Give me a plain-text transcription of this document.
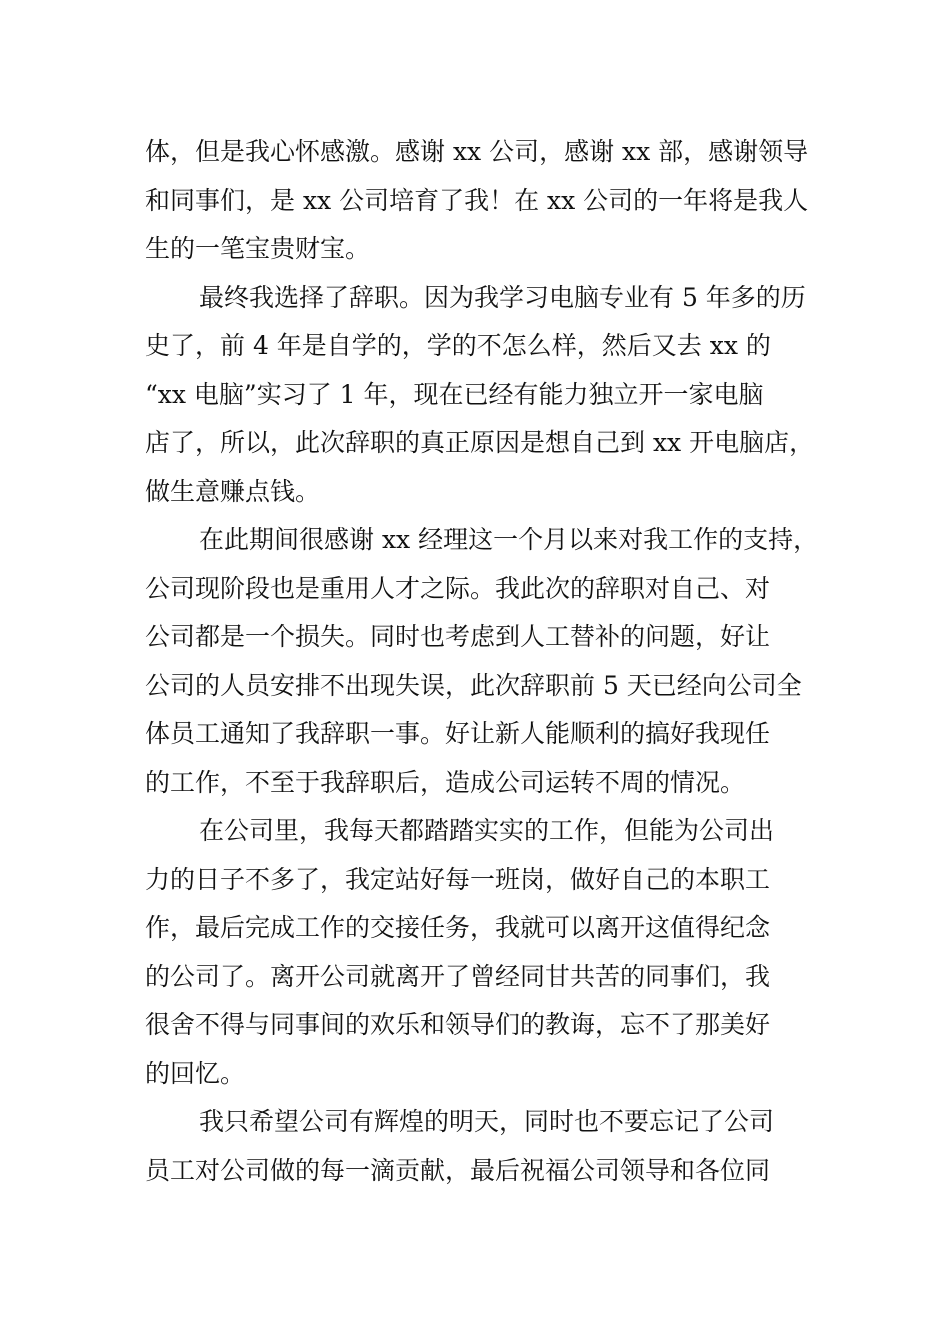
体，但是我心怀感激。感谢 xx 公司，感谢 xx 部，感谢领导
和同事们，是 xx 公司培育了我！在 xx 公司的一年将是我人
生的一笔宝贵财宝。
最终我选择了辞职。因为我学习电脑专业有 5 年多的历
史了，前 4 年是自学的，学的不怎么样，然后又去 xx 的
“xx 电脑”实习了 1 年，现在已经有能力独立开一家电脑
店了，所以，此次辞职的真正原因是想自己到 xx 开电脑店，
做生意赚点钱。
在此期间很感谢 xx 经理这一个月以来对我工作的支持，
公司现阶段也是重用人才之际。我此次的辞职对自己、对
公司都是一个损失。同时也考虑到人工替补的问题，好让
公司的人员安排不出现失误，此次辞职前 5 天已经向公司全
体员工通知了我辞职一事。好让新人能顺利的搞好我现任
的工作，不至于我辞职后，造成公司运转不周的情况。
在公司里，我每天都踏踏实实的工作，但能为公司出
力的日子不多了，我定站好每一班岗，做好自己的本职工
作，最后完成工作的交接任务，我就可以离开这值得纪念
的公司了。离开公司就离开了曾经同甘共苦的同事们，我
很舍不得与同事间的欢乐和领导们的教诲，忘不了那美好
的回忆。
我只希望公司有辉煌的明天，同时也不要忘记了公司
员工对公司做的每一滴贡献，最后祝福公司领导和各位同
